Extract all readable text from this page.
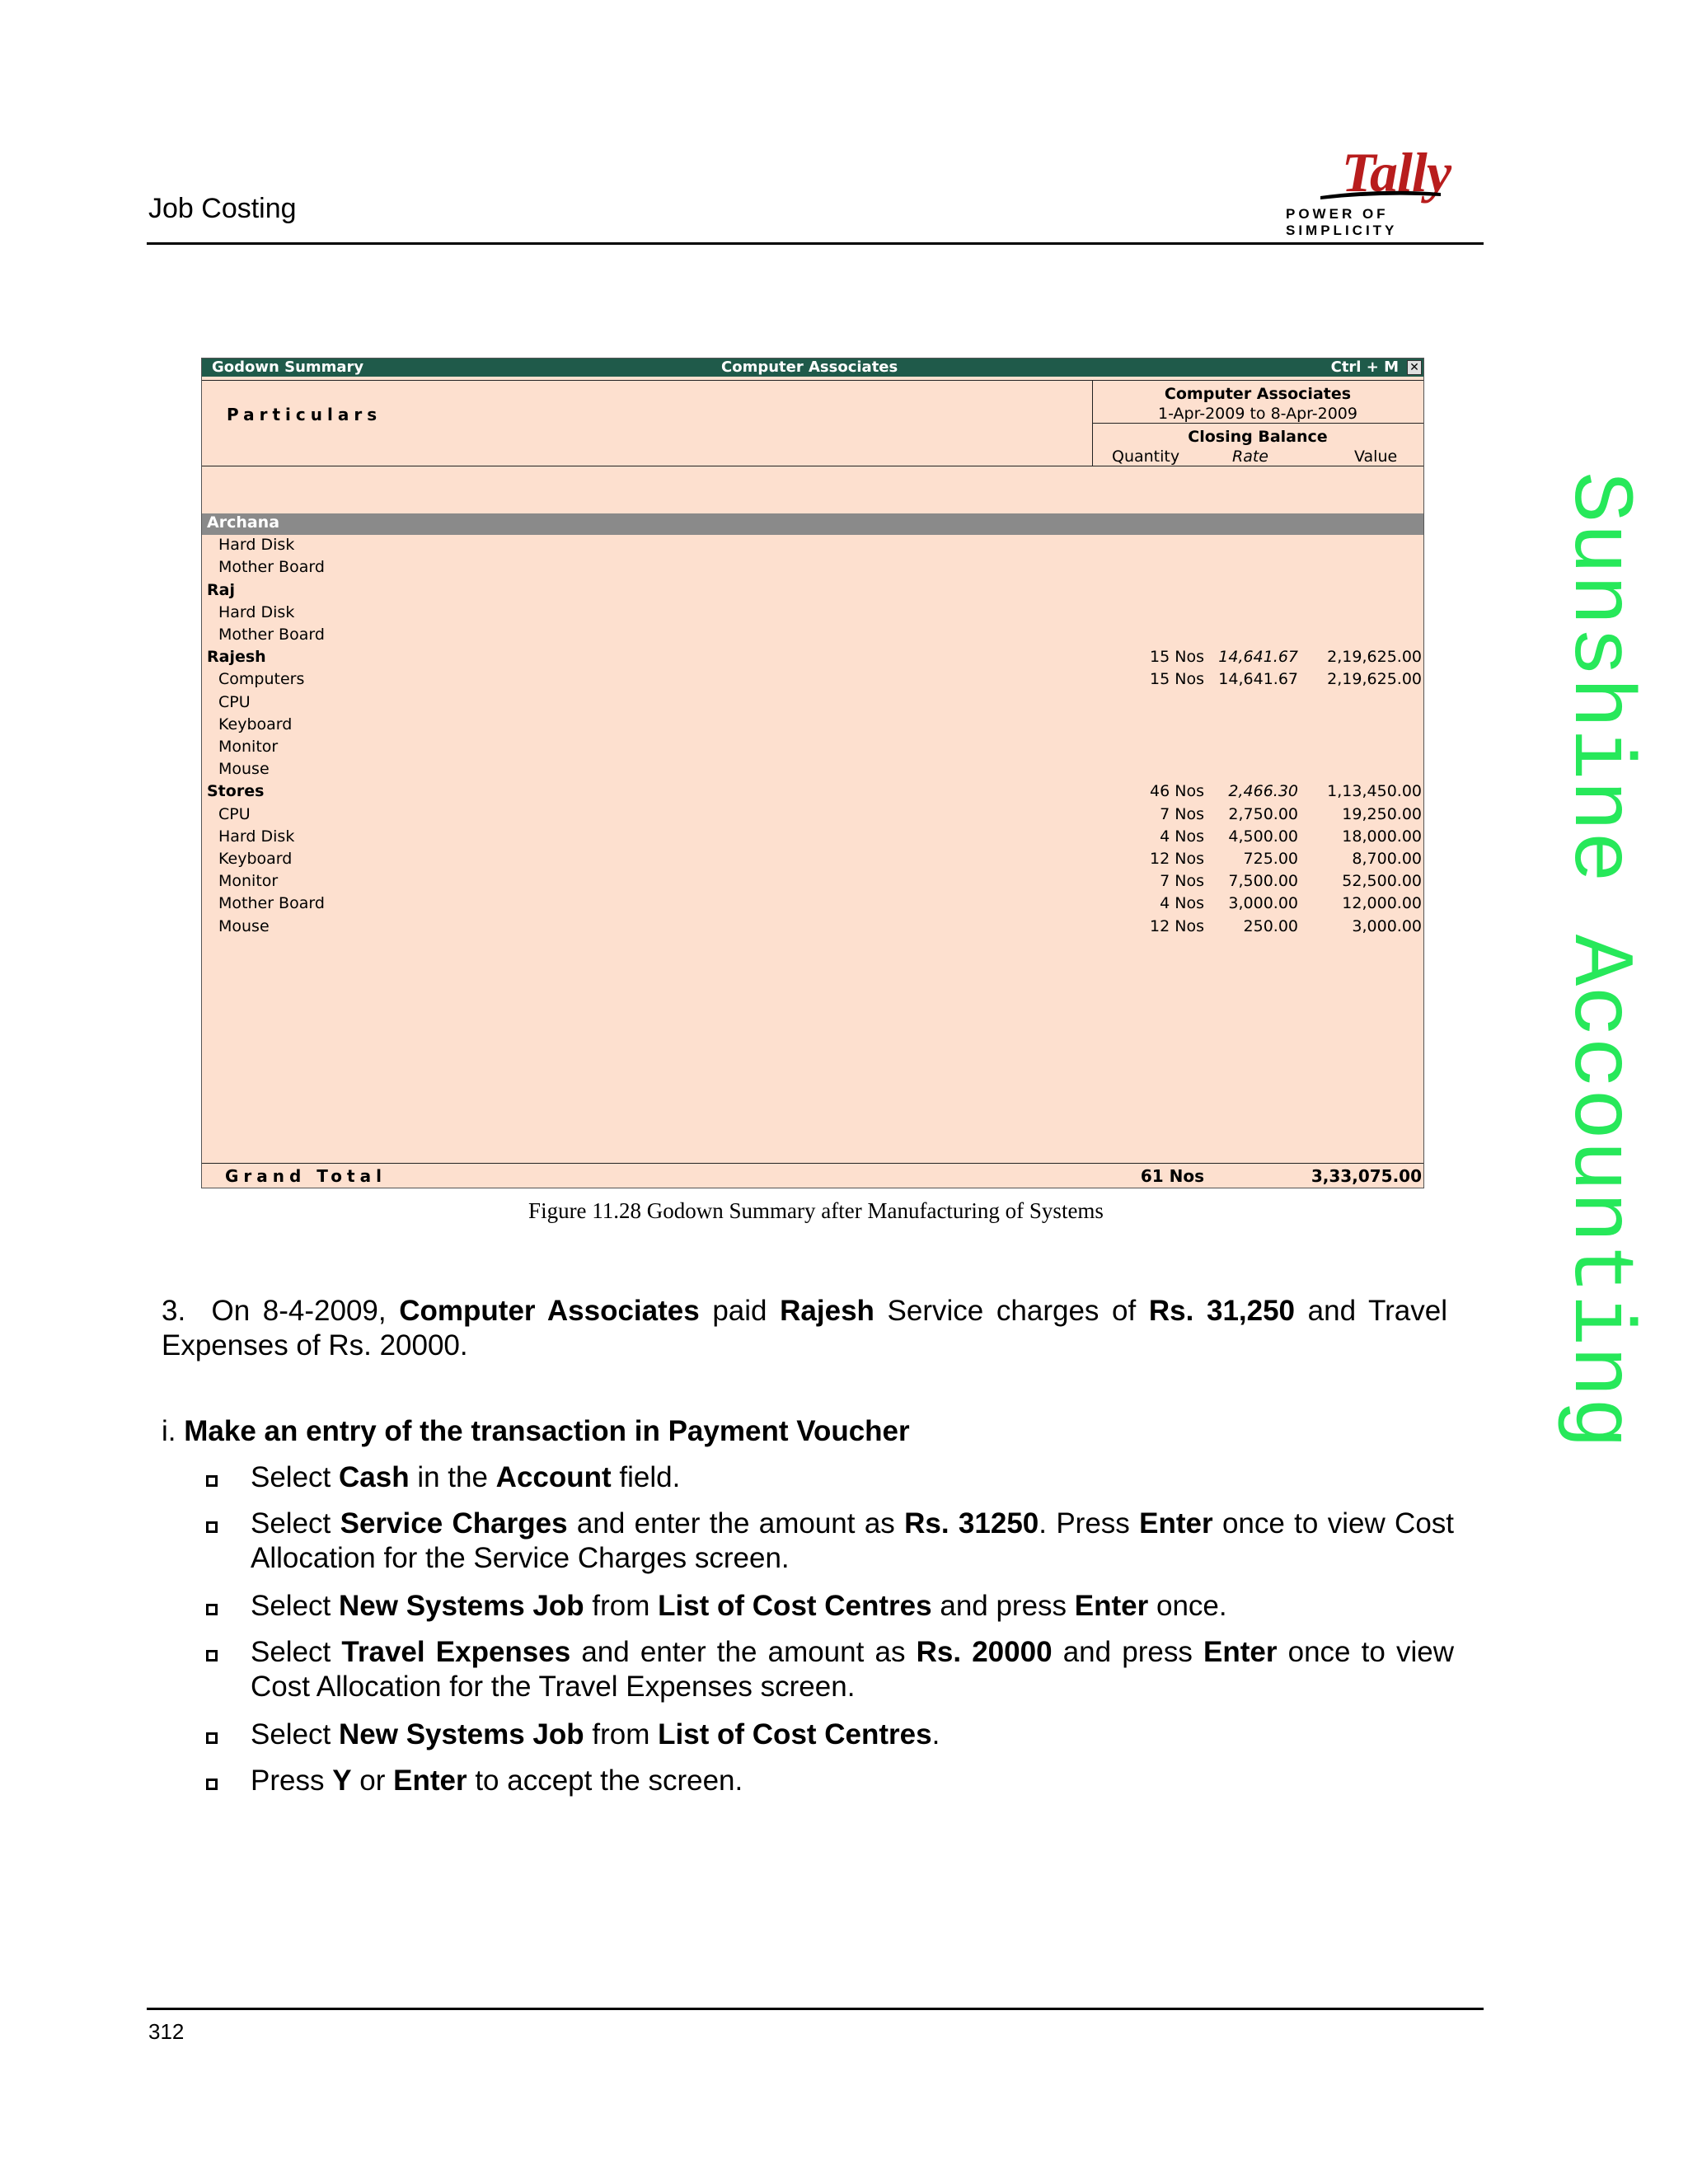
Job Costing
Tally
POWER OF SIMPLICITY
Godown Summary	Computer Associates	Ctrl + M ✕
Particulars
Computer Associates
1-Apr-2009 to 8-Apr-2009
Closing Balance
Quantity	Rate	Value
Archana
Hard Disk
Mother Board
Raj
Hard Disk
Mother Board
Rajesh	15 Nos 14,641.67 2,19,625.00
Computers	15 Nos 14,641.67 2,19,625.00
CPU
Keyboard
Monitor
Mouse
Stores	46 Nos 2,466.30 1,13,450.00
CPU	7 Nos 2,750.00	19,250.00
Hard Disk	4 Nos 4,500.00	18,000.00
Keyboard	12 Nos	725.00	8,700.00
Monitor	7 Nos 7,500.00	52,500.00
Mother Board	4 Nos 3,000.00	12,000.00
Mouse	12 Nos	250.00	3,000.00
Grand Total	61 Nos	3,33,075.00
Figure 11.28 Godown Summary after Manufacturing of Systems
3. On 8-4-2009, Computer Associates paid Rajesh Service charges of Rs. 31,250 and Travel Expenses of Rs. 20000.
i. Make an entry of the transaction in Payment Voucher
Select Cash in the Account field.
Select Service Charges and enter the amount as Rs. 31250. Press Enter once to view Cost Allocation for the Service Charges screen.
Select New Systems Job from List of Cost Centres and press Enter once.
Select Travel Expenses and enter the amount as Rs. 20000 and press Enter once to view Cost Allocation for the Travel Expenses screen.
Select New Systems Job from List of Cost Centres.
Press Y or Enter to accept the screen.
Sunshine Accounting
312
